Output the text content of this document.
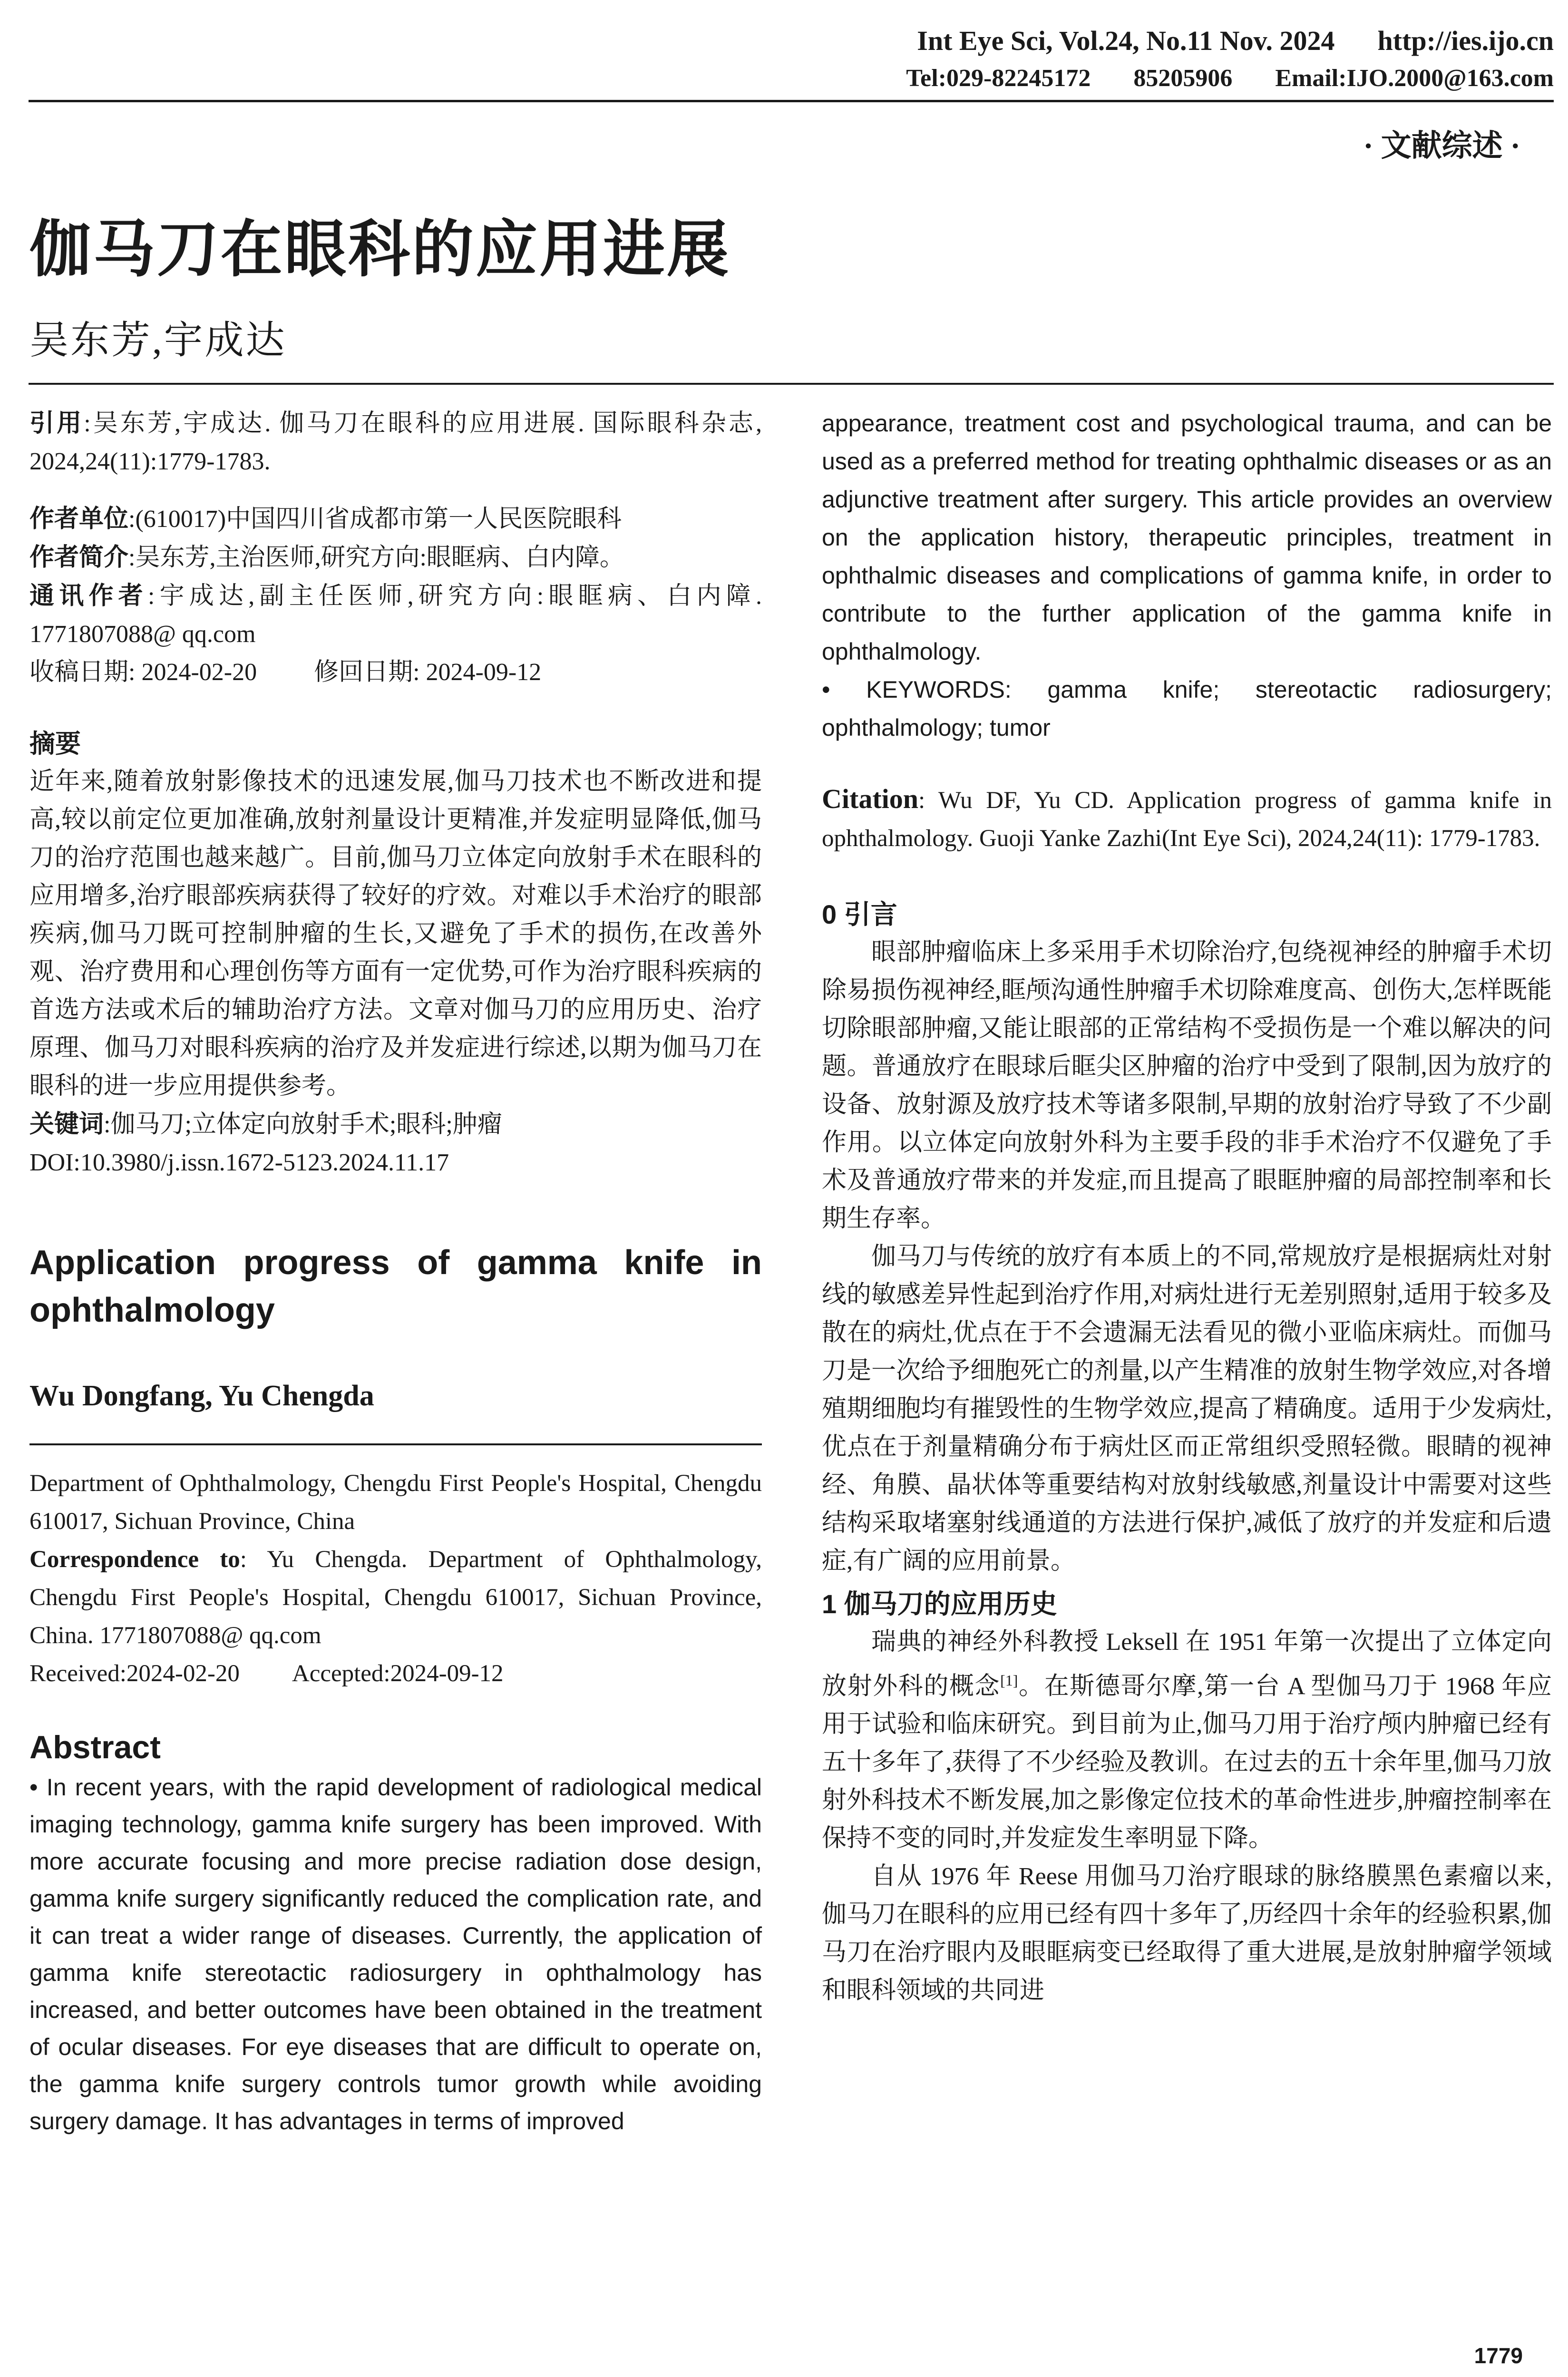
Int Eye Sci, Vol.24, No.11 Nov. 2024 http://ies.ijo.cn
Tel:029-82245172 85205906 Email:IJO.2000@163.com
· 文献综述 ·
伽马刀在眼科的应用进展
吴东芳,宇成达

引用:吴东芳,宇成达. 伽马刀在眼科的应用进展. 国际眼科杂志, 2024,24(11):1779-1783.

作者单位:(610017)中国四川省成都市第一人民医院眼科

作者简介:吴东芳,主治医师,研究方向:眼眶病、白内障。

通讯作者:宇成达,副主任医师,研究方向:眼眶病、白内障. 1771807088@ qq.com

收稿日期: 2024-02-20 修回日期: 2024-09-12

摘要

近年来,随着放射影像技术的迅速发展,伽马刀技术也不断改进和提高,较以前定位更加准确,放射剂量设计更精准,并发症明显降低,伽马刀的治疗范围也越来越广。目前,伽马刀立体定向放射手术在眼科的应用增多,治疗眼部疾病获得了较好的疗效。对难以手术治疗的眼部疾病,伽马刀既可控制肿瘤的生长,又避免了手术的损伤,在改善外观、治疗费用和心理创伤等方面有一定优势,可作为治疗眼科疾病的首选方法或术后的辅助治疗方法。文章对伽马刀的应用历史、治疗原理、伽马刀对眼科疾病的治疗及并发症进行综述,以期为伽马刀在眼科的进一步应用提供参考。

关键词:伽马刀;立体定向放射手术;眼科;肿瘤

DOI:10.3980/j.issn.1672-5123.2024.11.17

Application progress of gamma knife in ophthalmology
Wu Dongfang, Yu Chengda

Department of Ophthalmology, Chengdu First People's Hospital, Chengdu 610017, Sichuan Province, China

Correspondence to: Yu Chengda. Department of Ophthalmology, Chengdu First People's Hospital, Chengdu 610017, Sichuan Province, China. 1771807088@ qq.com

Received:2024-02-20 Accepted:2024-09-12

Abstract

• In recent years, with the rapid development of radiological medical imaging technology, gamma knife surgery has been improved. With more accurate focusing and more precise radiation dose design, gamma knife surgery significantly reduced the complication rate, and it can treat a wider range of diseases. Currently, the application of gamma knife stereotactic radiosurgery in ophthalmology has increased, and better outcomes have been obtained in the treatment of ocular diseases. For eye diseases that are difficult to operate on, the gamma knife surgery controls tumor growth while avoiding surgery damage. It has advantages in terms of improved

appearance, treatment cost and psychological trauma, and can be used as a preferred method for treating ophthalmic diseases or as an adjunctive treatment after surgery. This article provides an overview on the application history, therapeutic principles, treatment in ophthalmic diseases and complications of gamma knife, in order to contribute to the further application of the gamma knife in ophthalmology.

• KEYWORDS: gamma knife; stereotactic radiosurgery; ophthalmology; tumor

Citation: Wu DF, Yu CD. Application progress of gamma knife in ophthalmology. Guoji Yanke Zazhi(Int Eye Sci), 2024,24(11): 1779-1783.

0 引言

眼部肿瘤临床上多采用手术切除治疗,包绕视神经的肿瘤手术切除易损伤视神经,眶颅沟通性肿瘤手术切除难度高、创伤大,怎样既能切除眼部肿瘤,又能让眼部的正常结构不受损伤是一个难以解决的问题。普通放疗在眼球后眶尖区肿瘤的治疗中受到了限制,因为放疗的设备、放射源及放疗技术等诸多限制,早期的放射治疗导致了不少副作用。以立体定向放射外科为主要手段的非手术治疗不仅避免了手术及普通放疗带来的并发症,而且提高了眼眶肿瘤的局部控制率和长期生存率。

伽马刀与传统的放疗有本质上的不同,常规放疗是根据病灶对射线的敏感差异性起到治疗作用,对病灶进行无差别照射,适用于较多及散在的病灶,优点在于不会遗漏无法看见的微小亚临床病灶。而伽马刀是一次给予细胞死亡的剂量,以产生精准的放射生物学效应,对各增殖期细胞均有摧毁性的生物学效应,提高了精确度。适用于少发病灶,优点在于剂量精确分布于病灶区而正常组织受照轻微。眼睛的视神经、角膜、晶状体等重要结构对放射线敏感,剂量设计中需要对这些结构采取堵塞射线通道的方法进行保护,减低了放疗的并发症和后遗症,有广阔的应用前景。

1 伽马刀的应用历史

瑞典的神经外科教授 Leksell 在 1951 年第一次提出了立体定向放射外科的概念[1]。在斯德哥尔摩,第一台 A 型伽马刀于 1968 年应用于试验和临床研究。到目前为止,伽马刀用于治疗颅内肿瘤已经有五十多年了,获得了不少经验及教训。在过去的五十余年里,伽马刀放射外科技术不断发展,加之影像定位技术的革命性进步,肿瘤控制率在保持不变的同时,并发症发生率明显下降。

自从 1976 年 Reese 用伽马刀治疗眼球的脉络膜黑色素瘤以来,伽马刀在眼科的应用已经有四十多年了,历经四十余年的经验积累,伽马刀在治疗眼内及眼眶病变已经取得了重大进展,是放射肿瘤学领域和眼科领域的共同进

1779
